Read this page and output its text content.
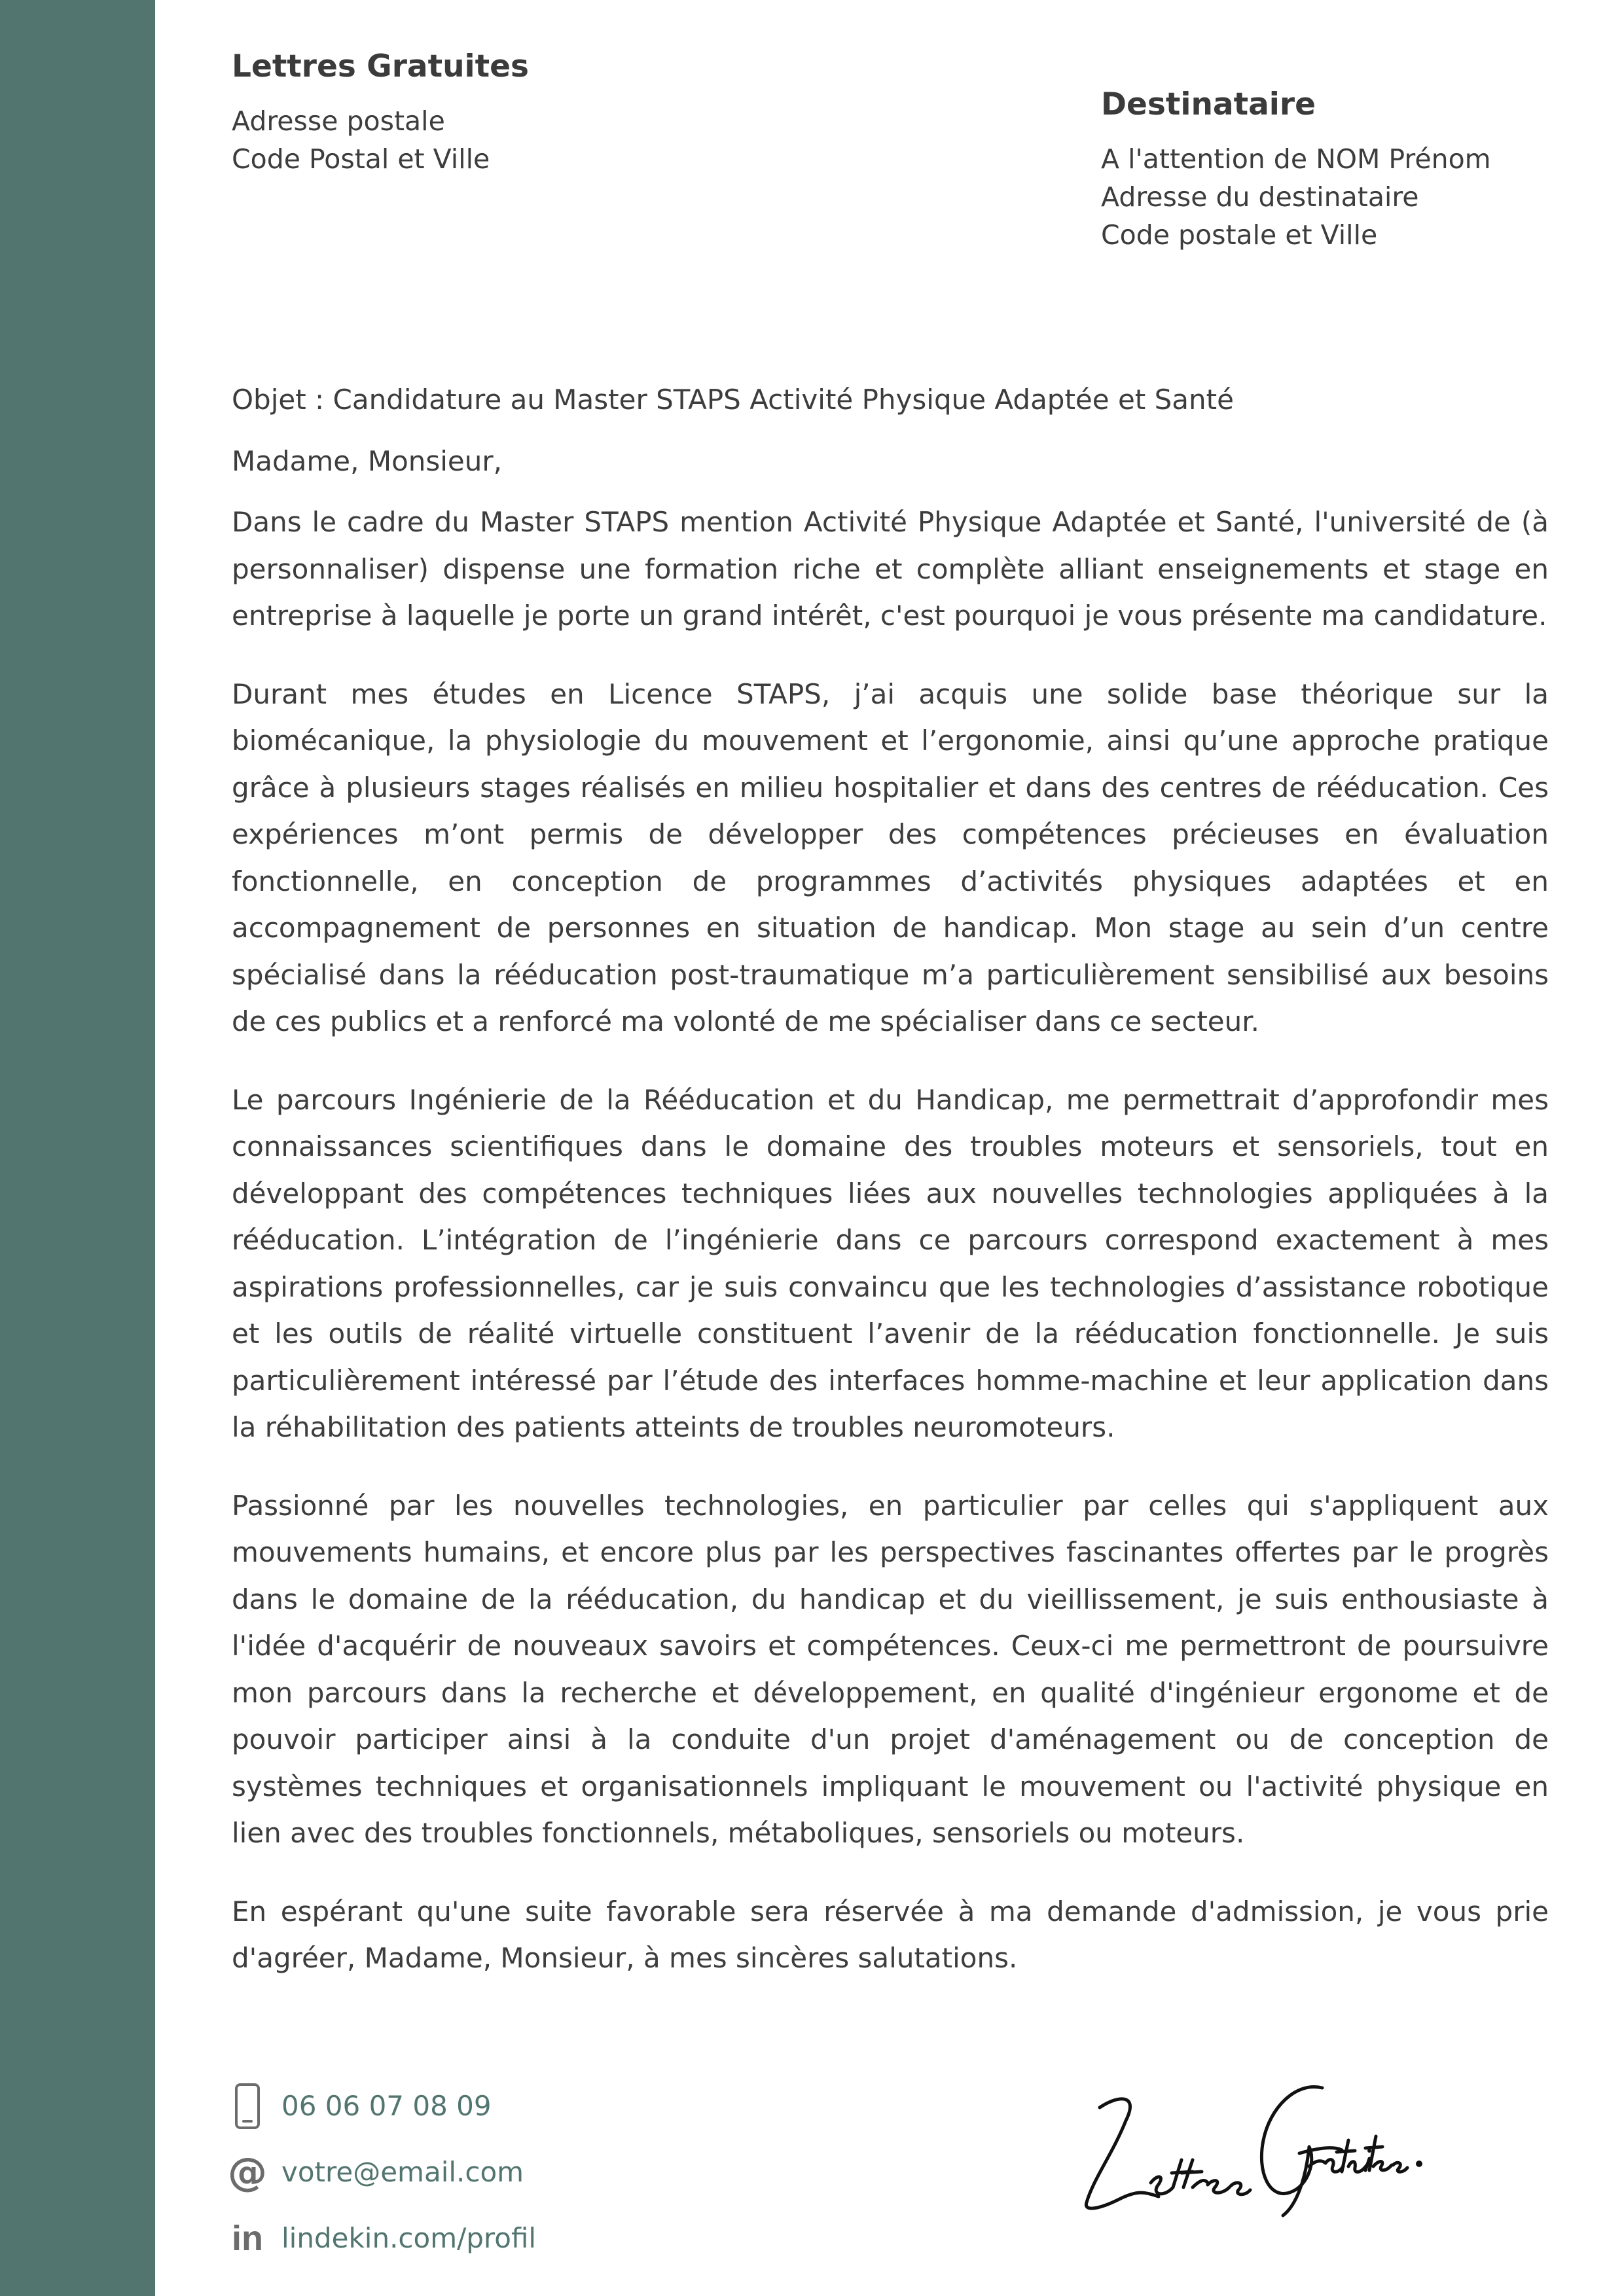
Lettres Gratuites
Adresse postale
Code Postal et Ville
Destinataire
A l'attention de NOM Prénom
Adresse du destinataire
Code postale et Ville

Objet : Candidature au Master STAPS Activité Physique Adaptée et Santé

Madame, Monsieur,

Dans le cadre du Master STAPS mention Activité Physique Adaptée et Santé, l'université de (à personnaliser) dispense une formation riche et complète alliant enseignements et stage en entreprise à laquelle je porte un grand intérêt, c'est pourquoi je vous présente ma candidature.

Durant mes études en Licence STAPS, j’ai acquis une solide base théorique sur la biomécanique, la physiologie du mouvement et l’ergonomie, ainsi qu’une approche pratique grâce à plusieurs stages réalisés en milieu hospitalier et dans des centres de rééducation. Ces expériences m’ont permis de développer des compétences précieuses en évaluation fonctionnelle, en conception de programmes d’activités physiques adaptées et en accompagnement de personnes en situation de handicap. Mon stage au sein d’un centre spécialisé dans la rééducation post-traumatique m’a particulièrement sensibilisé aux besoins de ces publics et a renforcé ma volonté de me spécialiser dans ce secteur.

Le parcours Ingénierie de la Rééducation et du Handicap, me permettrait d’approfondir mes connaissances scientifiques dans le domaine des troubles moteurs et sensoriels, tout en développant des compétences techniques liées aux nouvelles technologies appliquées à la rééducation. L’intégration de l’ingénierie dans ce parcours correspond exactement à mes aspirations professionnelles, car je suis convaincu que les technologies d’assistance robotique et les outils de réalité virtuelle constituent l’avenir de la rééducation fonctionnelle. Je suis particulièrement intéressé par l’étude des interfaces homme-machine et leur application dans la réhabilitation des patients atteints de troubles neuromoteurs.

Passionné par les nouvelles technologies, en particulier par celles qui s'appliquent aux mouvements humains, et encore plus par les perspectives fascinantes offertes par le progrès dans le domaine de la rééducation, du handicap et du vieillissement, je suis enthousiaste à l'idée d'acquérir de nouveaux savoirs et compétences. Ceux-ci me permettront de poursuivre mon parcours dans la recherche et développement, en qualité d'ingénieur ergonome et de pouvoir participer ainsi à la conduite d'un projet d'aménagement ou de conception de systèmes techniques et organisationnels impliquant le mouvement ou l'activité physique en lien avec des troubles fonctionnels, métaboliques, sensoriels ou moteurs.

En espérant qu'une suite favorable sera réservée à ma demande d'admission, je vous prie d'agréer, Madame, Monsieur, à mes sincères salutations.

06 06 07 08 09
@ votre@email.com
in lindekin.com/profil
